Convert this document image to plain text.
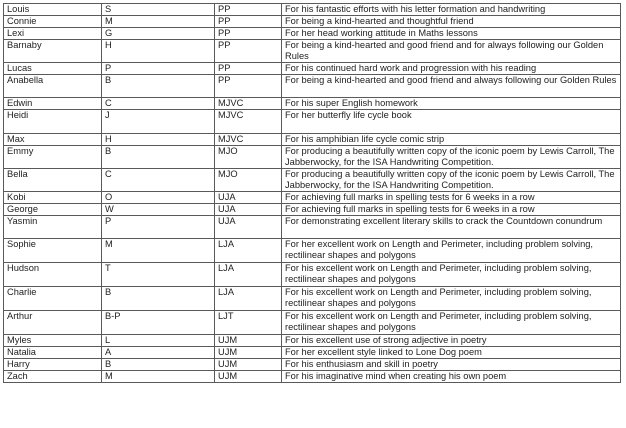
Louis	S	PP	For his fantastic efforts with his letter formation and handwriting
Connie	M	PP	For being a kind-hearted and thoughtful friend
Lexi	G	PP	For her head working attitude in Maths lessons
Barnaby	H	PP	For being a kind-hearted and good friend and for always following our Golden Rules
Lucas	P	PP	For his continued hard work and progression with his reading
Anabella	B	PP	For being a kind-hearted and good friend and always following our Golden Rules
Edwin	C	MJVC	For his super English homework
Heidi	J	MJVC	For her butterfly life cycle book
Max	H	MJVC	For his amphibian life cycle comic strip
Emmy	B	MJO	For producing a beautifully written copy of the iconic poem by Lewis Carroll, The Jabberwocky, for the ISA Handwriting Competition.
Bella	C	MJO	For producing a beautifully written copy of the iconic poem by Lewis Carroll, The Jabberwocky, for the ISA Handwriting Competition.
Kobi	O	UJA	For achieving full marks in spelling tests for 6 weeks in a row
George	W	UJA	For achieving full marks in spelling tests for 6 weeks in a row
Yasmin	P	UJA	For demonstrating excellent literary skills to crack the Countdown conundrum
Sophie	M	LJA	For her excellent work on Length and Perimeter, including problem solving, rectilinear shapes and polygons
Hudson	T	LJA	For his excellent work on Length and Perimeter, including problem solving, rectilinear shapes and polygons
Charlie	B	LJA	For his excellent work on Length and Perimeter, including problem solving, rectilinear shapes and polygons
Arthur	B-P	LJT	For his excellent work on Length and Perimeter, including problem solving, rectilinear shapes and polygons
Myles	L	UJM	For his excellent use of strong adjective in poetry
Natalia	A	UJM	For her excellent style linked to Lone Dog poem
Harry	B	UJM	For his enthusiasm and skill in poetry
Zach	M	UJM	For his imaginative mind when creating his own poem
